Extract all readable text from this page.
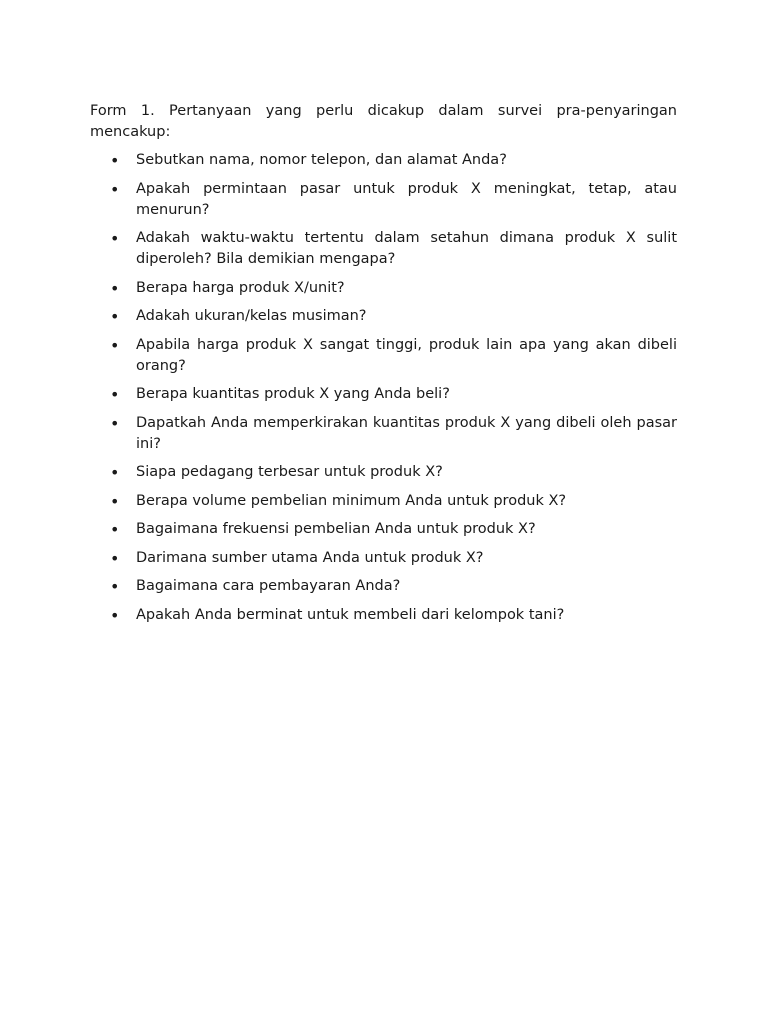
Form 1. Pertanyaan yang perlu dicakup dalam survei pra-penyaringan mencakup:

• Sebutkan nama, nomor telepon, dan alamat Anda?
• Apakah permintaan pasar untuk produk X meningkat, tetap, atau menurun?
• Adakah waktu-waktu tertentu dalam setahun dimana produk X sulit diperoleh? Bila demikian mengapa?
• Berapa harga produk X/unit?
• Adakah ukuran/kelas musiman?
• Apabila harga produk X sangat tinggi, produk lain apa yang akan dibeli orang?
• Berapa kuantitas produk X yang Anda beli?
• Dapatkah Anda memperkirakan kuantitas produk X yang dibeli oleh pasar ini?
• Siapa pedagang terbesar untuk produk X?
• Berapa volume pembelian minimum Anda untuk produk X?
• Bagaimana frekuensi pembelian Anda untuk produk X?
• Darimana sumber utama Anda untuk produk X?
• Bagaimana cara pembayaran Anda?
• Apakah Anda berminat untuk membeli dari kelompok tani?
